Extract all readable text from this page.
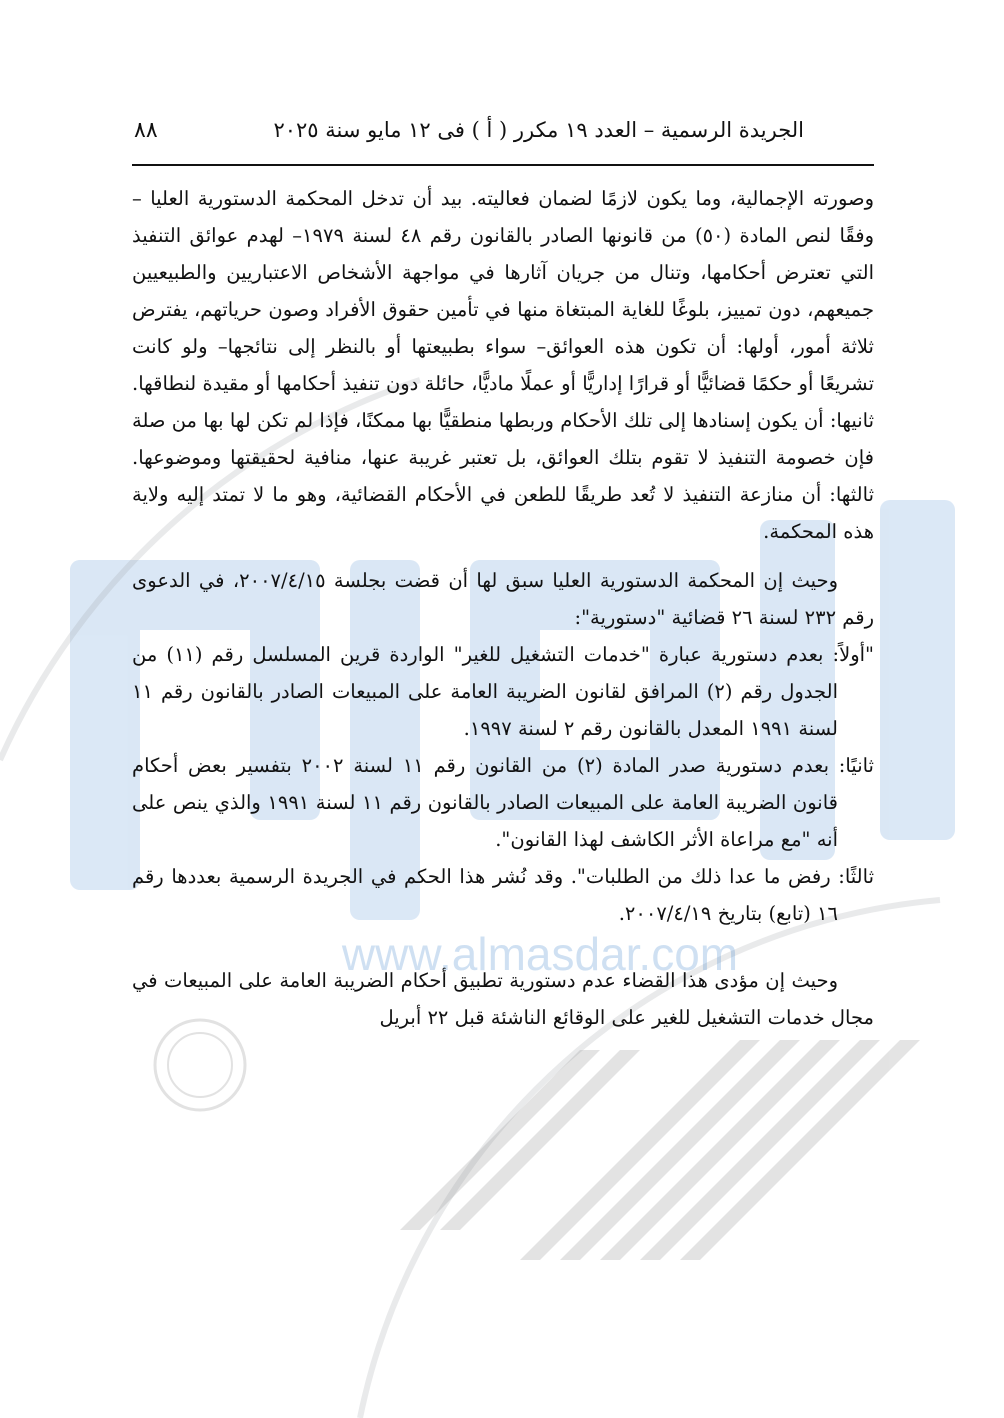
www.almasdar.com
الجريدة الرسمية – العدد ١٩ مكرر ( أ ) فى ١٢ مايو سنة ٢٠٢٥
٨٨

وصورته الإجمالية، وما يكون لازمًا لضمان فعاليته. بيد أن تدخل المحكمة الدستورية العليا –وفقًا لنص المادة (٥٠) من قانونها الصادر بالقانون رقم ٤٨ لسنة ١٩٧٩– لهدم عوائق التنفيذ التي تعترض أحكامها، وتنال من جريان آثارها في مواجهة الأشخاص الاعتباريين والطبيعيين جميعهم، دون تمييز، بلوغًا للغاية المبتغاة منها في تأمين حقوق الأفراد وصون حرياتهم، يفترض ثلاثة أمور، أولها: أن تكون هذه العوائق– سواء بطبيعتها أو بالنظر إلى نتائجها– ولو كانت تشريعًا أو حكمًا قضائيًّا أو قرارًا إداريًّا أو عملًا ماديًّا، حائلة دون تنفيذ أحكامها أو مقيدة لنطاقها. ثانيها: أن يكون إسنادها إلى تلك الأحكام وربطها منطقيًّا بها ممكنًا، فإذا لم تكن لها بها من صلة فإن خصومة التنفيذ لا تقوم بتلك العوائق، بل تعتبر غريبة عنها، منافية لحقيقتها وموضوعها. ثالثها: أن منازعة التنفيذ لا تُعد طريقًا للطعن في الأحكام القضائية، وهو ما لا تمتد إليه ولاية هذه المحكمة.

وحيث إن المحكمة الدستورية العليا سبق لها أن قضت بجلسة ٢٠٠٧/٤/١٥، في الدعوى رقم ٢٣٢ لسنة ٢٦ قضائية "دستورية":

"أولاً: بعدم دستورية عبارة "خدمات التشغيل للغير" الواردة قرين المسلسل رقم (١١) من الجدول رقم (٢) المرافق لقانون الضريبة العامة على المبيعات الصادر بالقانون رقم ١١ لسنة ١٩٩١ المعدل بالقانون رقم ٢ لسنة ١٩٩٧.

ثانيًا: بعدم دستورية صدر المادة (٢) من القانون رقم ١١ لسنة ٢٠٠٢ بتفسير بعض أحكام قانون الضريبة العامة على المبيعات الصادر بالقانون رقم ١١ لسنة ١٩٩١ والذي ينص على أنه "مع مراعاة الأثر الكاشف لهذا القانون".

ثالثًا: رفض ما عدا ذلك من الطلبات". وقد نُشر هذا الحكم في الجريدة الرسمية بعددها رقم ١٦ (تابع) بتاريخ ٢٠٠٧/٤/١٩.

وحيث إن مؤدى هذا القضاء عدم دستورية تطبيق أحكام الضريبة العامة على المبيعات في مجال خدمات التشغيل للغير على الوقائع الناشئة قبل ٢٢ أبريل
